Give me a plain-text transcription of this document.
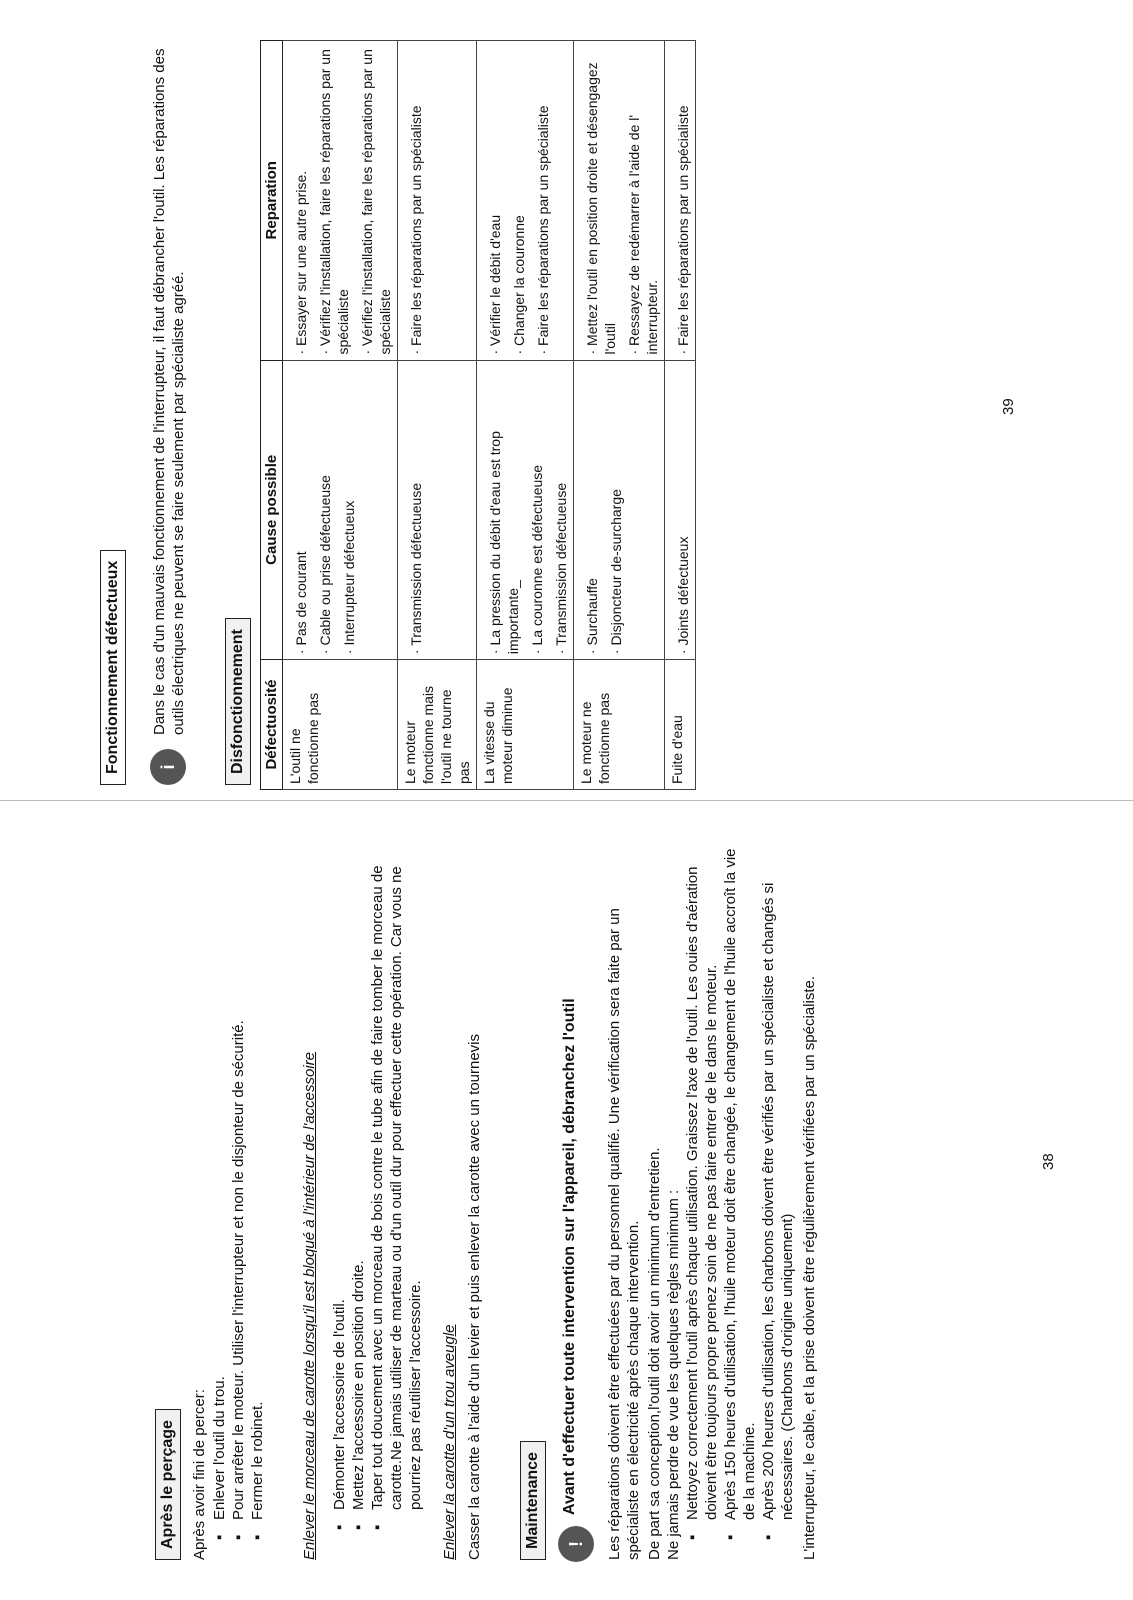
Après le perçage	Après avoir fini de percer: ▪ Enlever l'outil du trou. ▪ Pour arrêter le moteur. Utiliser l'interrupteur et non le disjonteur de sécurité. ▪ Fermer le robinet. Enlever le morceau de carotte lorsqu'il est bloqué à l'intérieur de l'accessoire ▪ Démonter l'accessoire de l'outil. ▪ Mettez l'accessoire en position droite. ▪ Taper tout doucement avec un morceau de bois contre le tube afin de faire tomber le morceau de carotte.Ne jamais utiliser de marteau ou d'un outil dur pour effectuer cette opération. Car vous ne pourriez pas réutiliser l'accessoire. Enlever la carotte d'un trou aveugle Casser la carotte à l'aide d'un levier et puis enlever la carotte avec un tournevis	Maintenance	!
Avant d'effectuer toute intervention sur l'appareil, débranchez l'outil Les réparations doivent être effectuées par du personnel qualifié. Une vérification sera faite par un spécialiste en électricité après chaque intervention. De part sa conception,l'outil doit avoir un minimum d'entretien. Ne jamais perdre de vue les quelques règles minimum : ▪ Nettoyez correctement l'outil après chaque utilisation. Graissez l'axe de l'outil. Les ouies d'aération doivent être toujours propre prenez soin de ne pas faire entrer de le dans le moteur. ▪ Après 150 heures d'utilisation, l'huile moteur doit être changée, le changement de l'huile accroît la vie de la machine. ▪ Après 200 heures d'utilisation, les charbons doivent être vérifiés par un spécialiste et changés si nécessaires. (Charbons d'origine uniquement) L'interrupteur, le cable, et la prise doivent être régulièrement vérifiées par un spécialiste.	38
Fonctionnement défectueux	i
Dans le cas d'un mauvais fonctionnement de l'interrupteur, il faut débrancher l'outil. Les réparations des outils électriques ne peuvent se faire seulement par spécialiste agréé.	Disfonctionnement	Défectuosité	Cause possible	Reparation
L'outil ne fonctionne pas	· Pas de courant · Cable ou prise défectueuse · Interrupteur défectueux	· Essayer sur une autre prise. · Vérifiez l'installation, faire les réparations par un spécialiste · Vérifiez l'installation, faire les réparations par un spécialiste

Le moteur fonctionne mais l'outil ne tourne pas	· Transmission défectueuse	· Faire les réparations par un spécialiste

La vitesse du moteur diminue	· La pression du débit d'eau est trop importante_ · La couronne est défectueuse · Transmission défectueuse	· Vérifier le débit d'eau · Changer la couronne · Faire les réparations par un spécialiste

Le moteur ne fonctionne pas	· Surchauffe · Disjoncteur de-surcharge	· Mettez l'outil en position droite et désengagez l'outil · Ressayez de redémarrer à l'aide de l' interrupteur.

Fuite d'eau	· Joints défectueux	· Faire les réparations par un spécialiste
39
